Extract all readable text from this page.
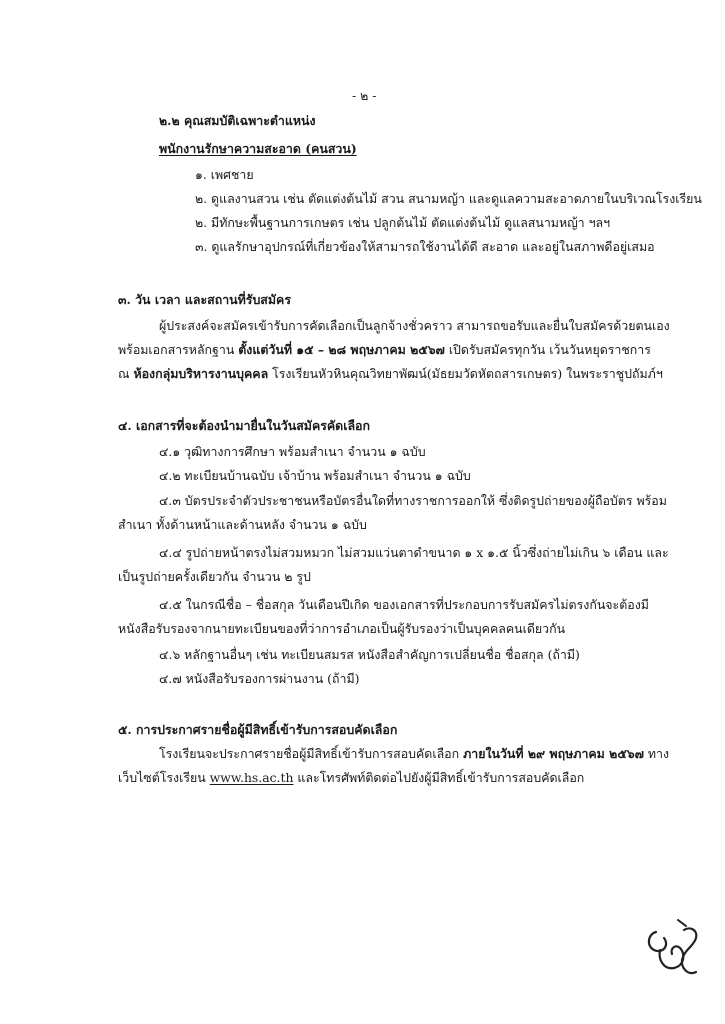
- ๒ -
๒.๒ คุณสมบัติเฉพาะตำแหน่ง
พนักงานรักษาความสะอาด (คนสวน)
๑. เพศชาย
๒. ดูแลงานสวน เช่น ตัดแต่งต้นไม้ สวน สนามหญ้า และดูแลความสะอาดภายในบริเวณโรงเรียน
๒. มีทักษะพื้นฐานการเกษตร เช่น ปลูกต้นไม้ ตัดแต่งต้นไม้ ดูแลสนามหญ้า ฯลฯ
๓. ดูแลรักษาอุปกรณ์ที่เกี่ยวข้องให้สามารถใช้งานได้ดี สะอาด และอยู่ในสภาพดีอยู่เสมอ
๓. วัน เวลา และสถานที่รับสมัคร
ผู้ประสงค์จะสมัครเข้ารับการคัดเลือกเป็นลูกจ้างชั่วคราว สามารถขอรับและยื่นใบสมัครด้วยตนเอง
พร้อมเอกสารหลักฐาน ตั้งแต่วันที่ ๑๕ – ๒๘ พฤษภาคม ๒๕๖๗ เปิดรับสมัครทุกวัน เว้นวันหยุดราชการ
ณ ห้องกลุ่มบริหารงานบุคคล โรงเรียนหัวหินคุณวิทยาพัฒน์(มัธยมวัดหัตถสารเกษตร) ในพระราชูปถัมภ์ฯ
๔. เอกสารที่จะต้องนำมายื่นในวันสมัครคัดเลือก
๔.๑ วุฒิทางการศึกษา พร้อมสำเนา จำนวน ๑ ฉบับ
๔.๒ ทะเบียนบ้านฉบับ เจ้าบ้าน พร้อมสำเนา จำนวน ๑ ฉบับ
๔.๓ บัตรประจำตัวประชาชนหรือบัตรอื่นใดที่ทางราชการออกให้ ซึ่งติดรูปถ่ายของผู้ถือบัตร พร้อม
สำเนา ทั้งด้านหน้าและด้านหลัง จำนวน ๑ ฉบับ
๔.๔ รูปถ่ายหน้าตรงไม่สวมหมวก ไม่สวมแว่นตาดำขนาด ๑ x ๑.๕ นิ้วซึ่งถ่ายไม่เกิน ๖ เดือน และ
เป็นรูปถ่ายครั้งเดียวกัน จำนวน ๒ รูป
๔.๕ ในกรณีชื่อ – ชื่อสกุล วันเดือนปีเกิด ของเอกสารที่ประกอบการรับสมัครไม่ตรงกันจะต้องมี
หนังสือรับรองจากนายทะเบียนของที่ว่าการอำเภอเป็นผู้รับรองว่าเป็นบุคคลคนเดียวกัน
๔.๖ หลักฐานอื่นๆ เช่น ทะเบียนสมรส หนังสือสำคัญการเปลี่ยนชื่อ ชื่อสกุล (ถ้ามี)
๔.๗ หนังสือรับรองการผ่านงาน (ถ้ามี)
๕. การประกาศรายชื่อผู้มีสิทธิ์เข้ารับการสอบคัดเลือก
โรงเรียนจะประกาศรายชื่อผู้มีสิทธิ์เข้ารับการสอบคัดเลือก ภายในวันที่ ๒๙ พฤษภาคม ๒๕๖๗ ทาง
เว็บไซต์โรงเรียน www.hs.ac.th และโทรศัพท์ติดต่อไปยังผู้มีสิทธิ์เข้ารับการสอบคัดเลือก
